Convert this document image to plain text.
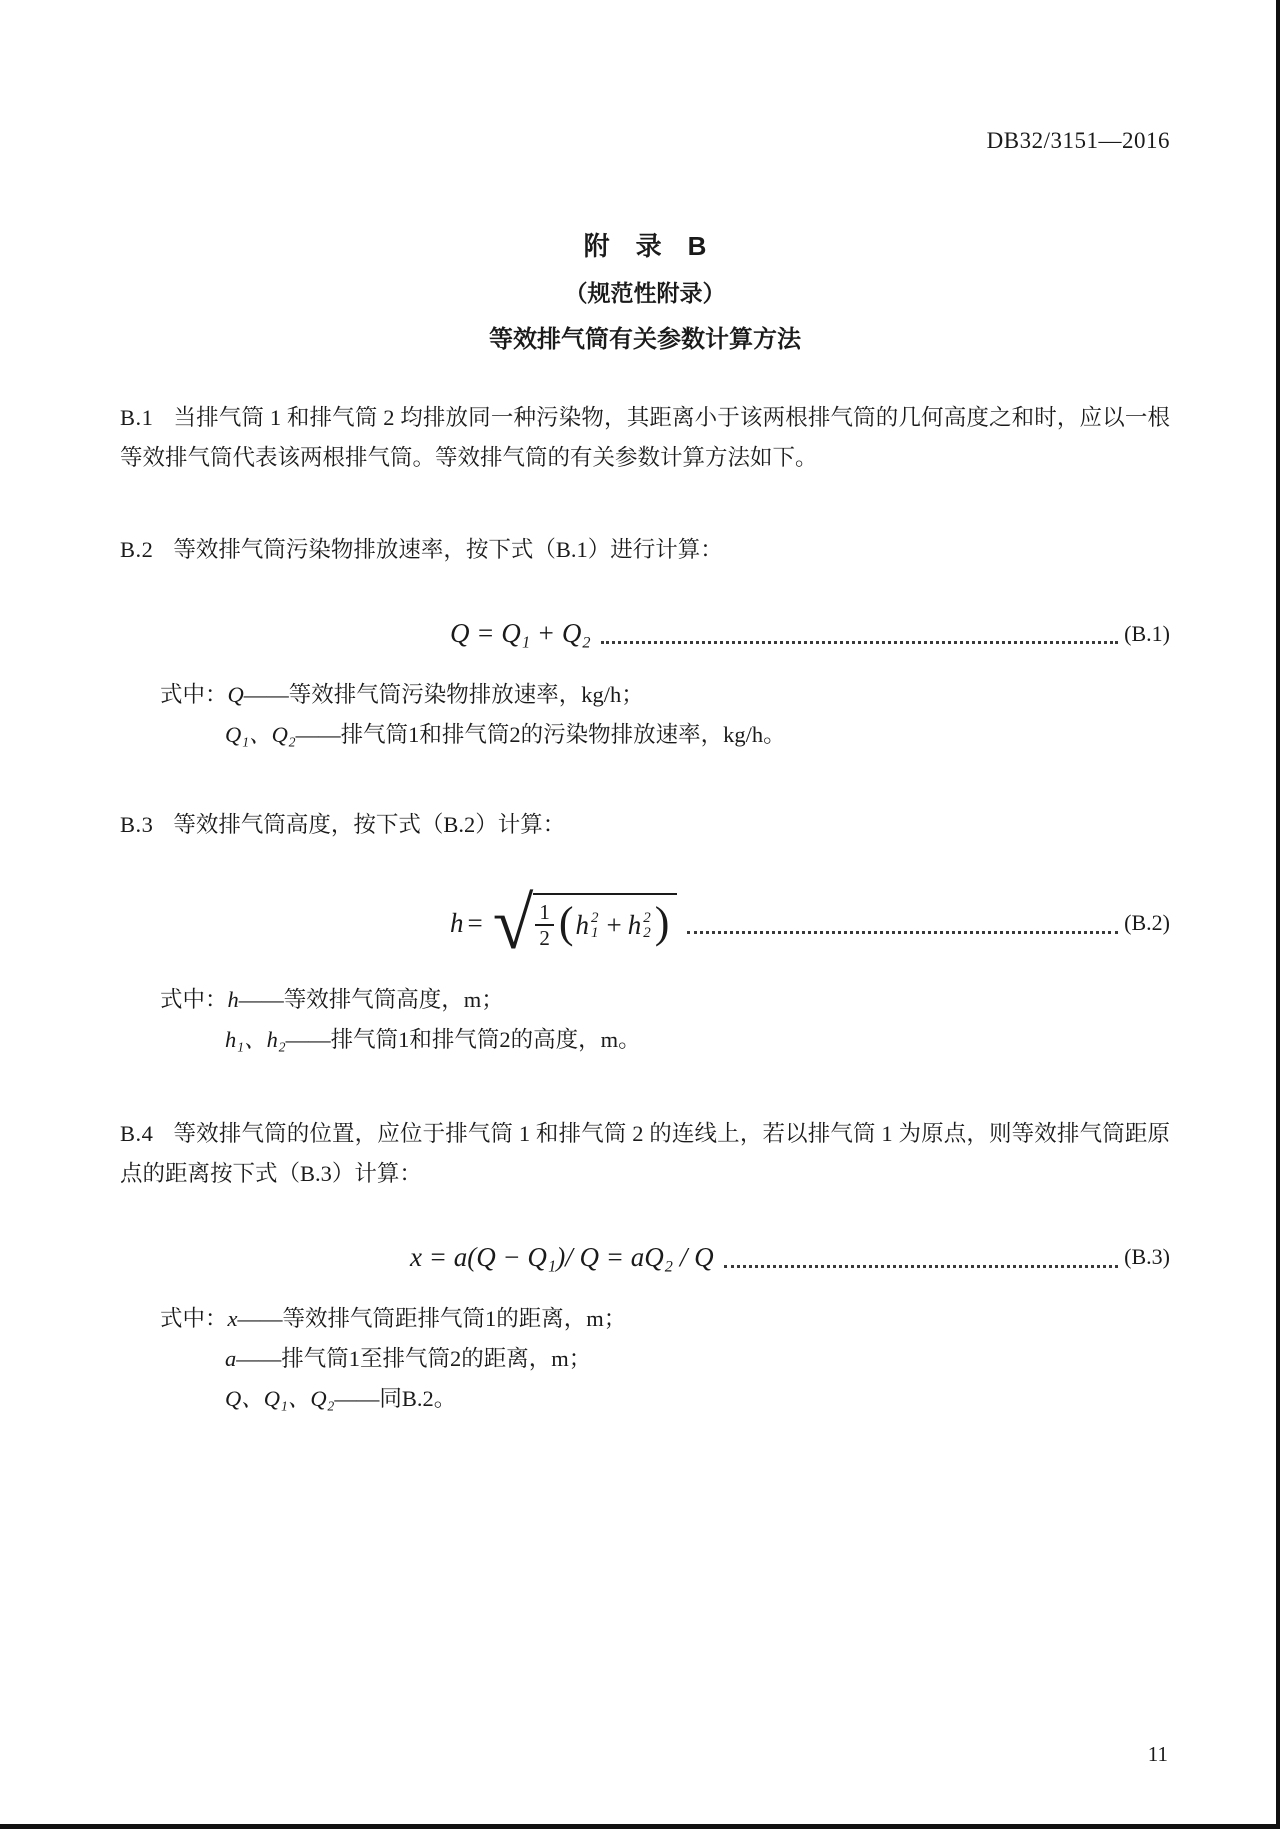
DB32/3151—2016
附　录　B
（规范性附录）
等效排气筒有关参数计算方法

B.1 当排气筒 1 和排气筒 2 均排放同一种污染物，其距离小于该两根排气筒的几何高度之和时，应以一根等效排气筒代表该两根排气筒。等效排气筒的有关参数计算方法如下。

B.2 等效排气筒污染物排放速率，按下式（B.1）进行计算：

Q = Q₁ + Q₂	(B.1)
式中：Q——等效排气筒污染物排放速率，kg/h；
Q₁、Q₂——排气筒1和排气筒2的污染物排放速率，kg/h。

B.3 等效排气筒高度，按下式（B.2）计算：

h = √ $\frac{1}{2}$ ( h 2
1 + h 2
2 )	(B.2)
式中：h——等效排气筒高度，m；
h₁、h₂——排气筒1和排气筒2的高度，m。

B.4 等效排气筒的位置，应位于排气筒 1 和排气筒 2 的连线上，若以排气筒 1 为原点，则等效排气筒距原点的距离按下式（B.3）计算：

x = a(Q − Q₁)/ Q = aQ₂ / Q	(B.3)
式中：x——等效排气筒距排气筒1的距离，m；
a——排气筒1至排气筒2的距离，m；
Q、Q₁、Q₂——同B.2。
11
